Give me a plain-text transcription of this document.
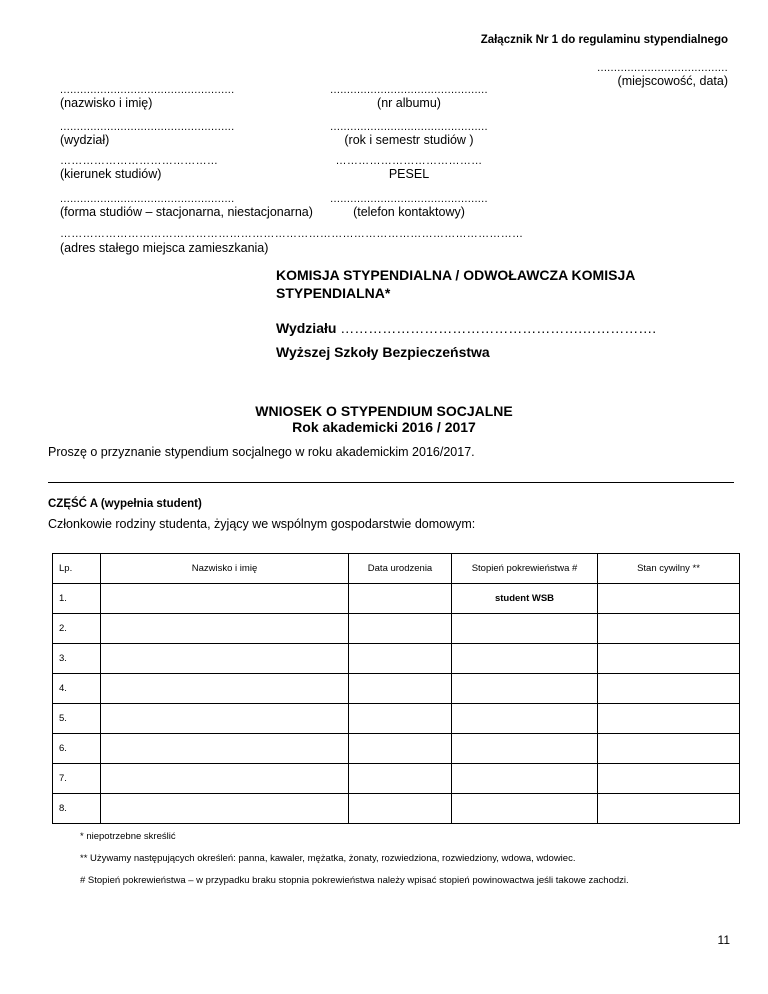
Załącznik Nr 1 do regulaminu stypendialnego
.......................................
(miejscowość, data)
....................................................
(nazwisko i imię)
...............................................
(nr albumu)
....................................................
(wydział)
...............................................
(rok i semestr studiów )
……………………………………
(kierunek studiów)
…………………………………
PESEL
....................................................
(forma studiów – stacjonarna, niestacjonarna)
...............................................
(telefon kontaktowy)
……………………………………………………………………………………………………………
(adres stałego miejsca zamieszkania)
KOMISJA STYPENDIALNA / ODWOŁAWCZA KOMISJA STYPENDIALNA*
Wydziału …………………………………………….…………….
Wyższej Szkoły Bezpieczeństwa
WNIOSEK O STYPENDIUM SOCJALNE
Rok akademicki 2016 / 2017
Proszę o przyznanie stypendium socjalnego w roku akademickim 2016/2017.
CZĘŚĆ A (wypełnia student)
Członkowie rodziny studenta, żyjący we wspólnym gospodarstwie domowym:
Lp.	Nazwisko i imię	Data urodzenia	Stopień pokrewieństwa #	Stan cywilny **
1.			student WSB	
2.				
3.				
4.				
5.				
6.				
7.				
8.				
* niepotrzebne skreślić
** Używamy następujących określeń: panna, kawaler, mężatka, żonaty, rozwiedziona, rozwiedziony, wdowa, wdowiec.
# Stopień pokrewieństwa – w przypadku braku stopnia pokrewieństwa należy wpisać stopień powinowactwa jeśli takowe zachodzi.
11
